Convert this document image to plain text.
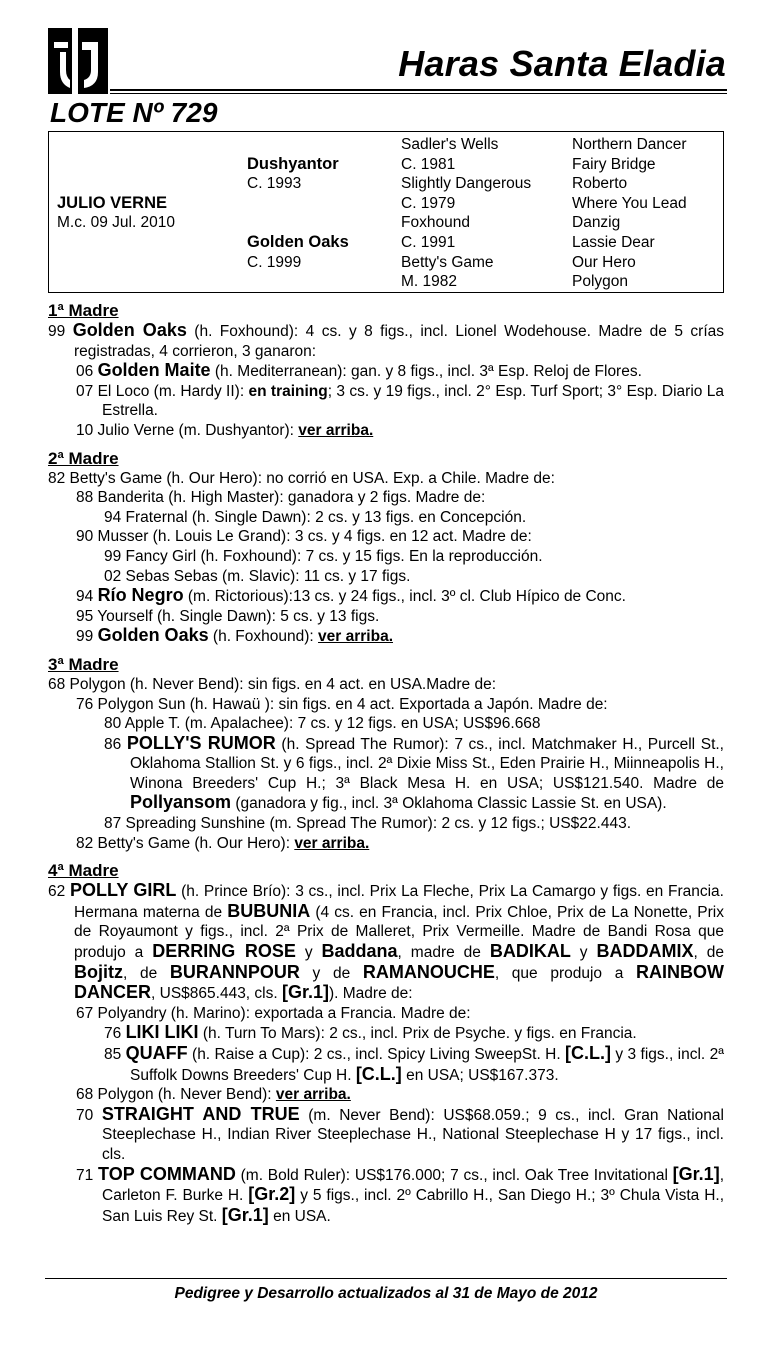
Haras Santa Eladia
LOTE Nº 729

JULIO VERNE
M.c. 09 Jul. 2010

Dushyantor
C. 1993

Golden Oaks
C. 1999
Sadler's Wells
C. 1981
Slightly Dangerous
C. 1979
Foxhound
C. 1991
Betty's Game
M. 1982
Northern Dancer
Fairy Bridge
Roberto
Where You Lead
Danzig
Lassie Dear
Our Hero
Polygon
1ª Madre
99 Golden Oaks (h. Foxhound): 4 cs. y 8 figs., incl. Lionel Wodehouse. Madre de 5 crías registradas, 4 corrieron, 3 ganaron:
06 Golden Maite (h. Mediterranean): gan. y 8 figs., incl. 3ª Esp. Reloj de Flores.
07 El Loco (m. Hardy II): en training; 3 cs. y 19 figs., incl. 2° Esp. Turf Sport; 3° Esp. Diario La Estrella.
10 Julio Verne (m. Dushyantor): ver arriba.
2ª Madre
82 Betty's Game (h. Our Hero): no corrió en USA. Exp. a Chile. Madre de:
88 Banderita (h. High Master): ganadora y 2 figs. Madre de:
94 Fraternal (h. Single Dawn): 2 cs. y 13 figs. en Concepción.
90 Musser (h. Louis Le Grand): 3 cs. y 4 figs. en 12 act. Madre de:
99 Fancy Girl (h. Foxhound): 7 cs. y 15 figs. En la reproducción.
02 Sebas Sebas (m. Slavic): 11 cs. y 17 figs.
94 Río Negro (m. Rictorious):13 cs. y 24 figs., incl. 3º cl. Club Hípico de Conc.
95 Yourself (h. Single Dawn): 5 cs. y 13 figs.
99 Golden Oaks (h. Foxhound): ver arriba.
3ª Madre
68 Polygon (h. Never Bend): sin figs. en 4 act. en USA.Madre de:
76 Polygon Sun (h. Hawaü ): sin figs. en 4 act. Exportada a Japón. Madre de:
80 Apple T. (m. Apalachee): 7 cs. y 12 figs. en USA; US$96.668
86 POLLY'S RUMOR (h. Spread The Rumor): 7 cs., incl. Matchmaker H., Purcell St., Oklahoma Stallion St. y 6 figs., incl. 2ª Dixie Miss St., Eden Prairie H., Miinneapolis H., Winona Breeders' Cup H.; 3ª Black Mesa H. en USA; US$121.540. Madre de Pollyansom (ganadora y fig., incl. 3ª Oklahoma Classic Lassie St. en USA).
87 Spreading Sunshine (m. Spread The Rumor): 2 cs. y 12 figs.; US$22.443.
82 Betty's Game (h. Our Hero): ver arriba.
4ª Madre
62 POLLY GIRL (h. Prince Brío): 3 cs., incl. Prix La Fleche, Prix La Camargo y figs. en Francia. Hermana materna de BUBUNIA (4 cs. en Francia, incl. Prix Chloe, Prix de La Nonette, Prix de Royaumont y figs., incl. 2ª Prix de Malleret, Prix Vermeille. Madre de Bandi Rosa que produjo a DERRING ROSE y Baddana, madre de BADIKAL y BADDAMIX, de Bojitz, de BURANNPOUR y de RAMANOUCHE, que produjo a RAINBOW DANCER, US$865.443, cls. [Gr.1]). Madre de:
67 Polyandry (h. Marino): exportada a Francia. Madre de:
76 LIKI LIKI (h. Turn To Mars): 2 cs., incl. Prix de Psyche. y figs. en Francia.
85 QUAFF (h. Raise a Cup): 2 cs., incl. Spicy Living SweepSt. H. [C.L.] y 3 figs., incl. 2ª Suffolk Downs Breeders' Cup H. [C.L.] en USA; US$167.373.
68 Polygon (h. Never Bend): ver arriba.
70 STRAIGHT AND TRUE (m. Never Bend): US$68.059.; 9 cs., incl. Gran National Steeplechase H., Indian River Steeplechase H., National Steeplechase H y 17 figs., incl. cls.
71 TOP COMMAND (m. Bold Ruler): US$176.000; 7 cs., incl. Oak Tree Invitational [Gr.1], Carleton F. Burke H. [Gr.2] y 5 figs., incl. 2º Cabrillo H., San Diego H.; 3º Chula Vista H., San Luis Rey St. [Gr.1] en USA.
Pedigree y Desarrollo actualizados al 31 de Mayo de 2012
